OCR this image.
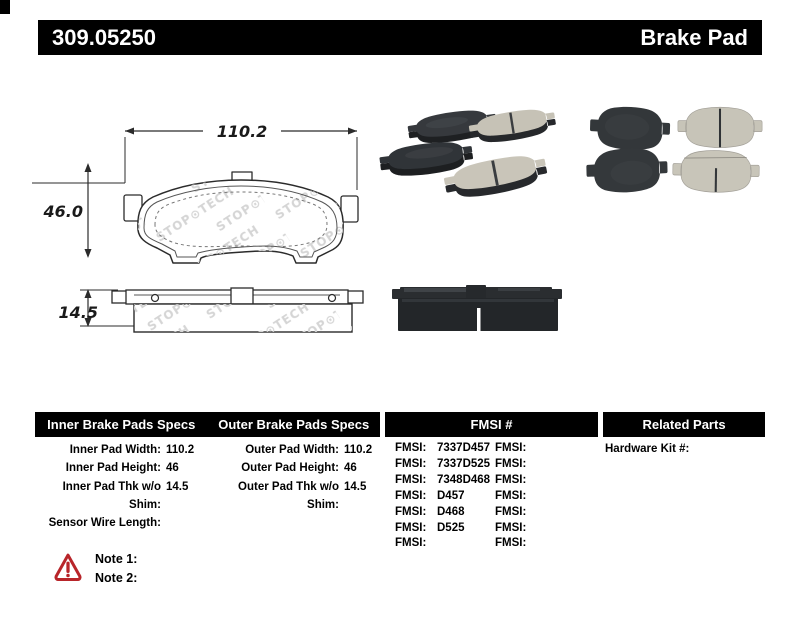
309.05250	Brake Pad
110.2
46.0
14.5
Inner Brake Pads Specs	Outer Brake Pads Specs	FMSI #	Related Parts
Inner Pad Width: 110.2
Inner Pad Height: 46
Inner Pad Thk w/o Shim:
14.5
Sensor Wire Length:
Outer Pad Width: 110.2
Outer Pad Height: 46
Outer Pad Thk w/o Shim:
14.5
FMSI: 7337D457
FMSI: 7337D525
FMSI: 7348D468
FMSI: D457
FMSI: D468
FMSI: D525
FMSI:
FMSI:
FMSI:
FMSI:
FMSI:
FMSI:
FMSI:
FMSI:
Hardware Kit #:
Note 1:
Note 2:
